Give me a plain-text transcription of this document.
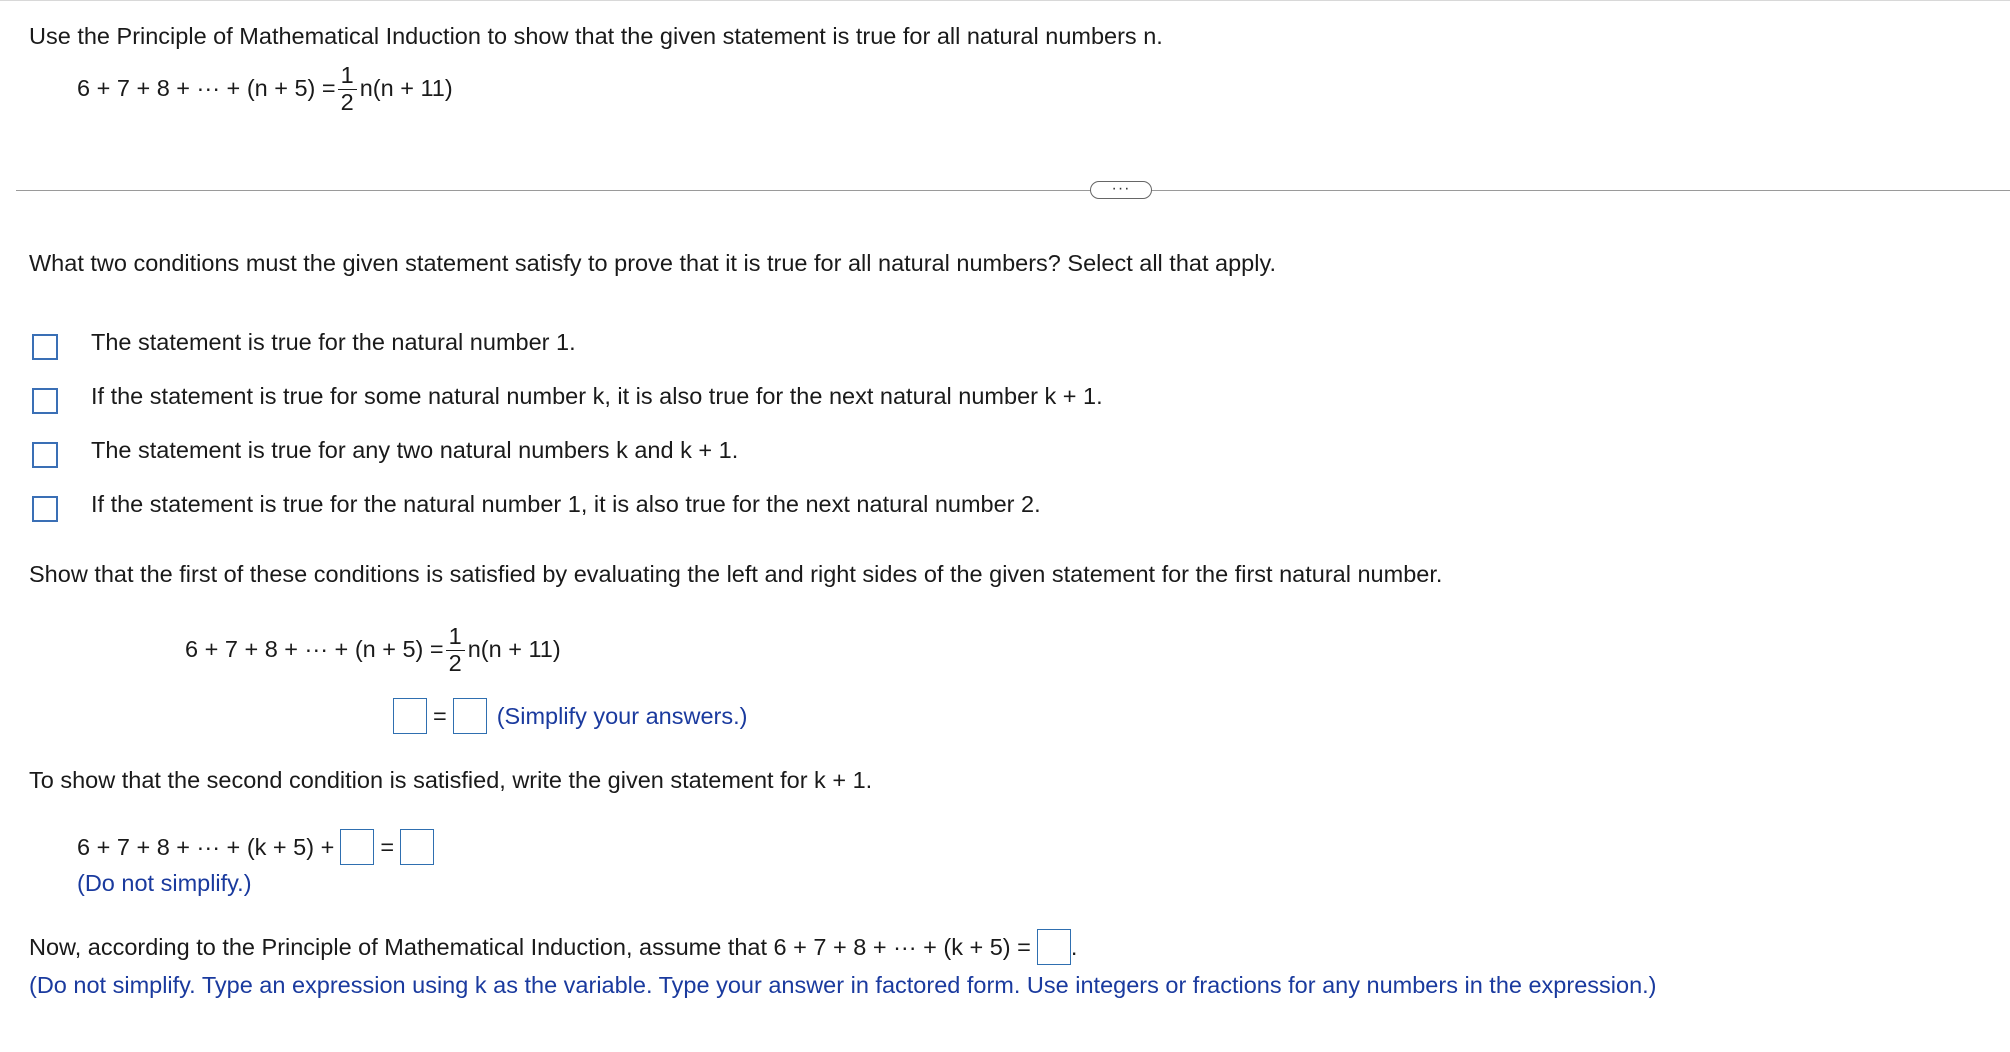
Use the Principle of Mathematical Induction to show that the given statement is true for all natural numbers n.
6 + 7 + 8 + ··· + $(n + 5) = \frac{1}{2} n(n + 11)$
···
What two conditions must the given statement satisfy to prove that it is true for all natural numbers? Select all that apply.
The statement is true for the natural number 1.
If the statement is true for some natural number k, it is also true for the next natural number k + 1.
The statement is true for any two natural numbers k and k + 1.
If the statement is true for the natural number 1, it is also true for the next natural number 2.
Show that the first of these conditions is satisfied by evaluating the left and right sides of the given statement for the first natural number.
6 + 7 + 8 + ··· + $(n + 5) = \frac{1}{2} n(n + 11)$
= (Simplify your answers.)
To show that the second condition is satisfied, write the given statement for k + 1.
6 + 7 + 8 + ··· + (k + 5) + =
(Do not simplify.)
Now, according to the Principle of Mathematical Induction, assume that 6 + 7 + 8 + ··· + (k + 5) = .
(Do not simplify. Type an expression using k as the variable. Type your answer in factored form. Use integers or fractions for any numbers in the expression.)
